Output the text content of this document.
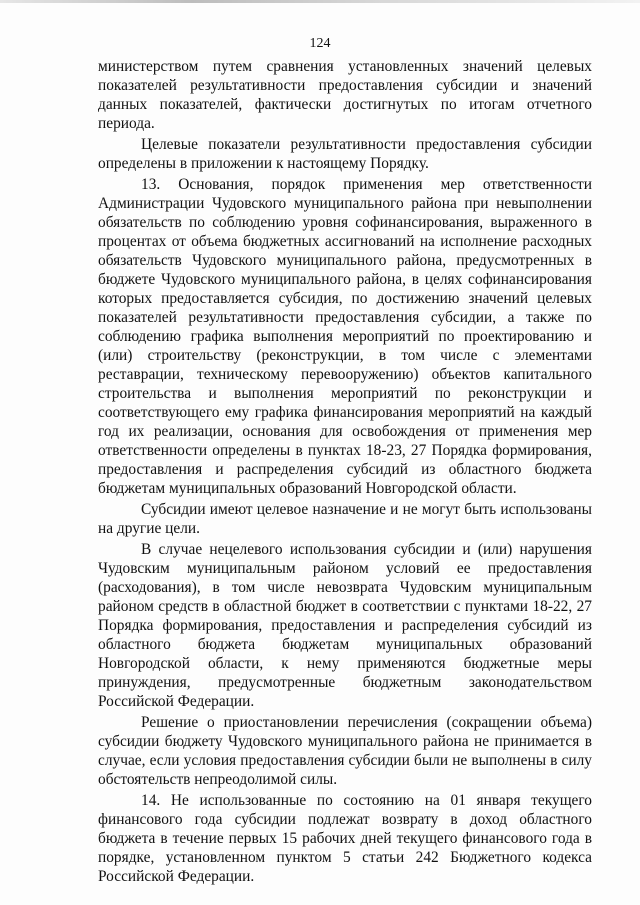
124

министерством путем сравнения установленных значений целевых показателей результативности предоставления субсидии и значений данных показателей, фактически достигнутых по итогам отчетного периода.

Целевые показатели результативности предоставления субсидии определены в приложении к настоящему Порядку.

13. Основания, порядок применения мер ответственности Администрации Чудовского муниципального района при невыполнении обязательств по соблюдению уровня софинансирования, выраженного в процентах от объема бюджетных ассигнований на исполнение расходных обязательств Чудовского муниципального района, предусмотренных в бюджете Чудовского муниципального района, в целях софинансирования которых предоставляется субсидия, по достижению значений целевых показателей результативности предоставления субсидии, а также по соблюдению графика выполнения мероприятий по проектированию и (или) строительству (реконструкции, в том числе с элементами реставрации, техническому перевооружению) объектов капитального строительства и выполнения мероприятий по реконструкции и соответствующего ему графика финансирования мероприятий на каждый год их реализации, основания для освобождения от применения мер ответственности определены в пунктах 18-23, 27 Порядка формирования, предоставления и распределения субсидий из областного бюджета бюджетам муниципальных образований Новгородской области.

Субсидии имеют целевое назначение и не могут быть использованы на другие цели.

В случае нецелевого использования субсидии и (или) нарушения Чудовским муниципальным районом условий ее предоставления (расходования), в том числе невозврата Чудовским муниципальным районом средств в областной бюджет в соответствии с пунктами 18-22, 27 Порядка формирования, предоставления и распределения субсидий из областного бюджета бюджетам муниципальных образований Новгородской области, к нему применяются бюджетные меры принуждения, предусмотренные бюджетным законодательством Российской Федерации.

Решение о приостановлении перечисления (сокращении объема) субсидии бюджету Чудовского муниципального района не принимается в случае, если условия предоставления субсидии были не выполнены в силу обстоятельств непреодолимой силы.

14. Не использованные по состоянию на 01 января текущего финансового года субсидии подлежат возврату в доход областного бюджета в течение первых 15 рабочих дней текущего финансового года в порядке, установленном пунктом 5 статьи 242 Бюджетного кодекса Российской Федерации.
